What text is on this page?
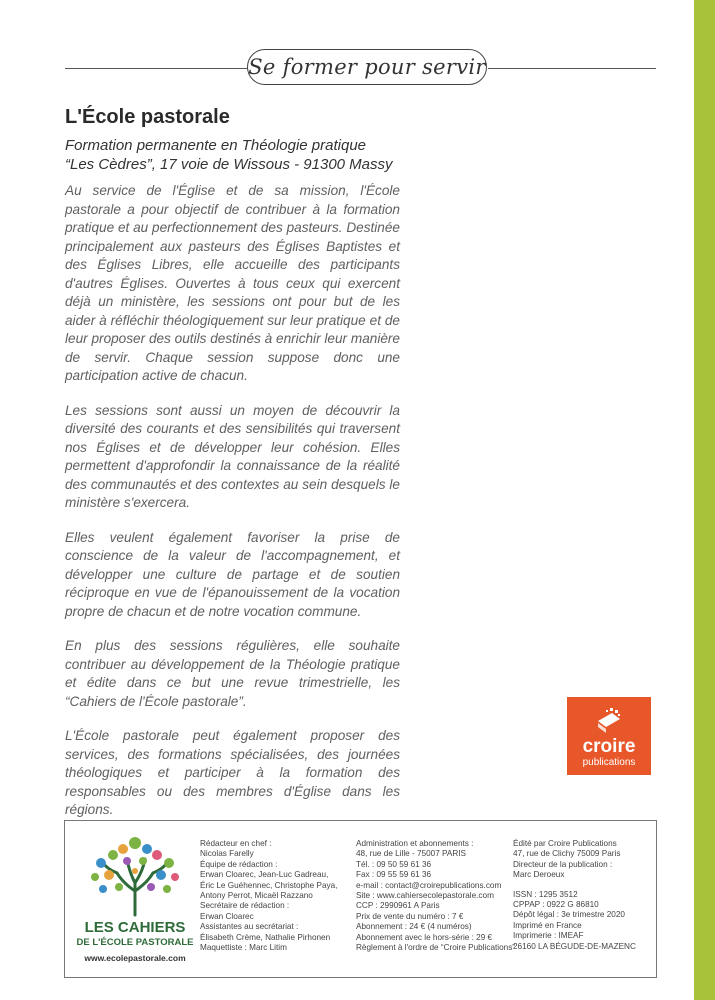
Se former pour servir
L'École pastorale
Formation permanente en Théologie pratique
“Les Cèdres”, 17 voie de Wissous - 91300 Massy

Au service de l'Église et de sa mission, l'École pastorale a pour objectif de contribuer à la formation pratique et au perfectionnement des pasteurs. Destinée principalement aux pasteurs des Églises Baptistes et des Églises Libres, elle accueille des participants d'autres Églises. Ouvertes à tous ceux qui exercent déjà un ministère, les sessions ont pour but de les aider à réfléchir théologiquement sur leur pratique et de leur proposer des outils destinés à enrichir leur manière de servir. Chaque session suppose donc une participation active de chacun.

Les sessions sont aussi un moyen de découvrir la diversité des courants et des sensibilités qui traversent nos Églises et de développer leur cohésion. Elles permettent d'approfondir la connaissance de la réalité des communautés et des contextes au sein desquels le ministère s'exercera.

Elles veulent également favoriser la prise de conscience de la valeur de l'accompagnement, et développer une culture de partage et de soutien réciproque en vue de l'épanouissement de la vocation propre de chacun et de notre vocation commune.

En plus des sessions régulières, elle souhaite contribuer au développement de la Théologie pratique et édite dans ce but une revue trimestrielle, les “Cahiers de l'École pastorale”.

L'École pastorale peut également proposer des services, des formations spécialisées, des journées théologiques et participer à la formation des responsables ou des membres d'Église dans les régions.

croire
publications
LES CAHIERS
DE L'ÉCOLE PASTORALE
www.ecolepastorale.com
Rédacteur en chef :
Nicolas Farelly
Équipe de rédaction :
Erwan Cloarec, Jean-Luc Gadreau,
Éric Le Guéhennec, Christophe Paya,
Antony Perrot, Micaël Razzano
Secrétaire de rédaction :
Erwan Cloarec
Assistantes au secrétariat :
Élisabeth Crème, Nathalie Pirhonen
Maquettiste : Marc Litim
Administration et abonnements :
48, rue de Lille - 75007 PARIS
Tél. : 09 50 59 61 36
Fax : 09 55 59 61 36
e-mail : contact@croirepublications.com
Site : www.cahiersecolepastorale.com
CCP : 2990961 A Paris
Prix de vente du numéro : 7 €
Abonnement : 24 € (4 numéros)
Abonnement avec le hors-série : 29 €
Règlement à l'ordre de “Croire Publications”
Édité par Croire Publications
47, rue de Clichy 75009 Paris
Directeur de la publication :
Marc Deroeux
ISSN : 1295 3512
CPPAP : 0922 G 86810
Dépôt légal : 3e trimestre 2020
Imprimé en France
Imprimerie : IMEAF
26160 LA BÉGUDE-DE-MAZENC
